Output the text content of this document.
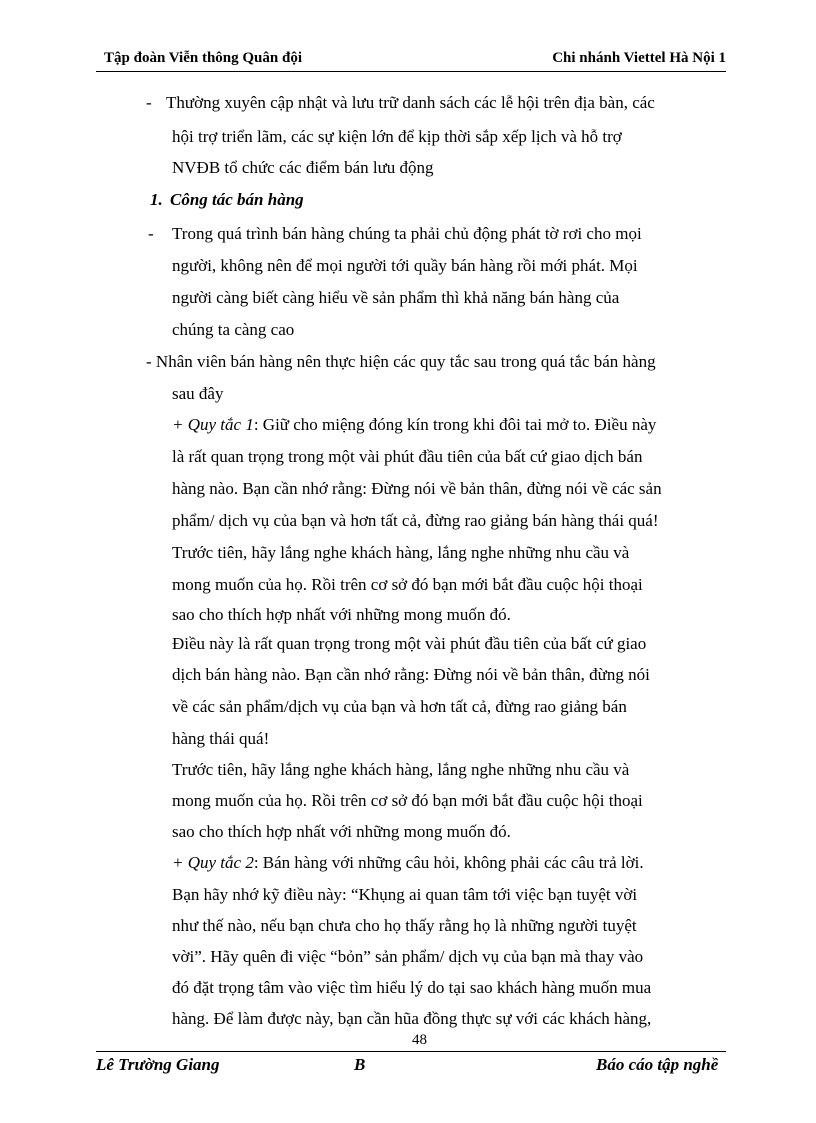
Tập đoàn Viễn thông Quân đội	Chi nhánh Viettel Hà Nội 1
- Thường xuyên cập nhật và lưu trữ danh sách các lễ hội trên địa bàn, các
hội trợ triển lãm, các sự kiện lớn để kịp thời sắp xếp lịch và hỗ trợ
NVĐB tổ chức các điểm bán lưu động
1. Công tác bán hàng
- Trong quá trình bán hàng chúng ta phải chủ động phát tờ rơi cho mọi
người, không nên để mọi người tới quầy bán hàng rồi mới phát. Mọi
người càng biết càng hiểu về sản phẩm thì khả năng bán hàng của
chúng ta càng cao
- Nhân viên bán hàng nên thực hiện các quy tắc sau trong quá tắc bán hàng
sau đây
+ Quy tắc 1: Giữ cho miệng đóng kín trong khi đôi tai mở to. Điều này
là rất quan trọng trong một vài phút đầu tiên của bất cứ giao dịch bán
hàng nào. Bạn cần nhớ rằng: Đừng nói về bản thân, đừng nói về các sản
phẩm/ dịch vụ của bạn và hơn tất cả, đừng rao giảng bán hàng thái quá!
Trước tiên, hãy lắng nghe khách hàng, lắng nghe những nhu cầu và
mong muốn của họ. Rồi trên cơ sở đó bạn mới bắt đầu cuộc hội thoại
sao cho thích hợp nhất với những mong muốn đó.
Điều này là rất quan trọng trong một vài phút đầu tiên của bất cứ giao
dịch bán hàng nào. Bạn cần nhớ rằng: Đừng nói về bản thân, đừng nói
về các sản phẩm/dịch vụ của bạn và hơn tất cả, đừng rao giảng bán
hàng thái quá!
Trước tiên, hãy lắng nghe khách hàng, lắng nghe những nhu cầu và
mong muốn của họ. Rồi trên cơ sở đó bạn mới bắt đầu cuộc hội thoại
sao cho thích hợp nhất với những mong muốn đó.
+ Quy tắc 2: Bán hàng với những câu hỏi, không phải các câu trả lời.
Bạn hãy nhớ kỹ điều này: “Khụng ai quan tâm tới việc bạn tuyệt vời
như thế nào, nếu bạn chưa cho họ thấy rằng họ là những người tuyệt
vời”. Hãy quên đi việc “bỏn” sản phẩm/ dịch vụ của bạn mà thay vào
đó đặt trọng tâm vào việc tìm hiểu lý do tại sao khách hàng muốn mua
hàng. Để làm được này, bạn cần hũa đồng thực sự với các khách hàng,
48
Lê Trường Giang	B	Báo cáo tập nghề
